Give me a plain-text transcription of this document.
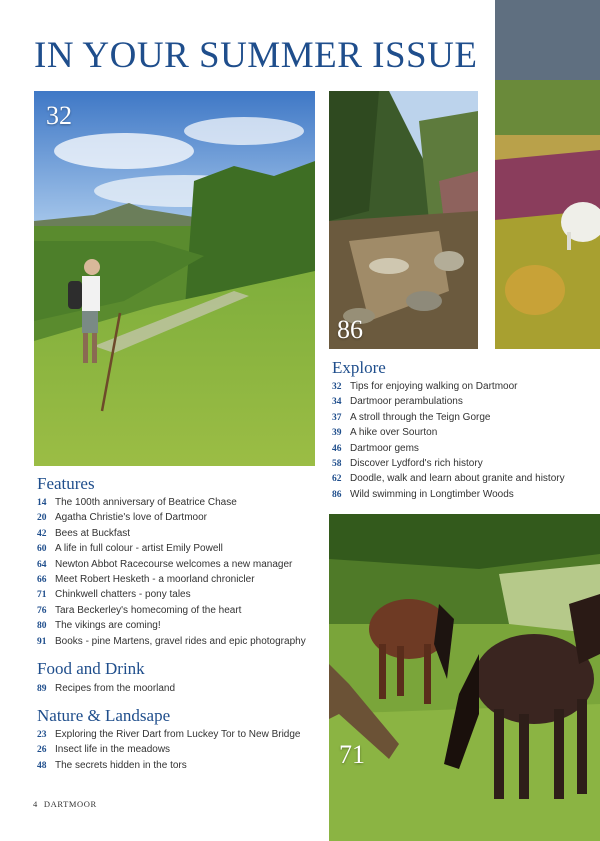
IN YOUR SUMMER ISSUE
32
86
71
Explore
32 Tips for enjoying walking on Dartmoor
34 Dartmoor perambulations
37 A stroll through the Teign Gorge
39 A hike over Sourton
46 Dartmoor gems
58 Discover Lydford's rich history
62 Doodle, walk and learn about granite and history
86 Wild swimming in Longtimber Woods
Features
14 The 100th anniversary of Beatrice Chase
20 Agatha Christie's love of Dartmoor
42 Bees at Buckfast
60 A life in full colour - artist Emily Powell
64 Newton Abbot Racecourse welcomes a new manager
66 Meet Robert Hesketh - a moorland chronicler
71 Chinkwell chatters - pony tales
76 Tara Beckerley's homecoming of the heart
80 The vikings are coming!
91 Books - pine Martens, gravel rides and epic photography
Food and Drink
89 Recipes from the moorland
Nature & Landsape
23 Exploring the River Dart from Luckey Tor to New Bridge
26 Insect life in the meadows
48 The secrets hidden in the tors
4 DARTMOOR
